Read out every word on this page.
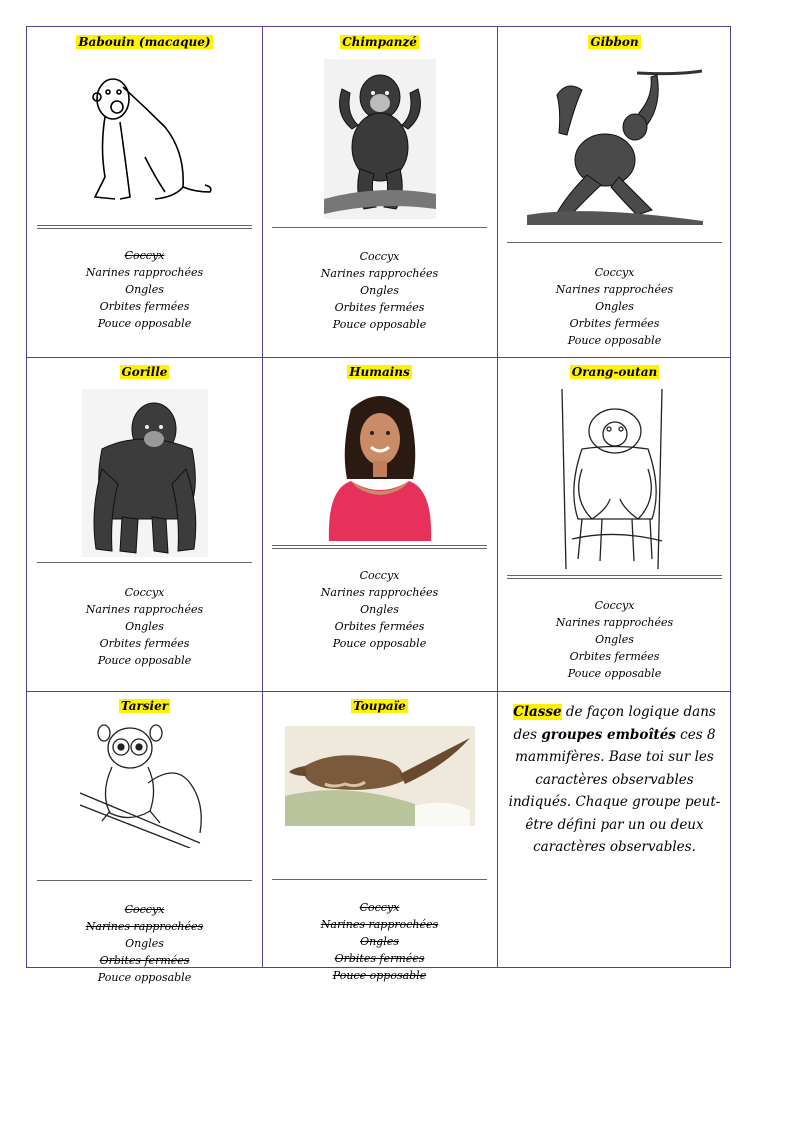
Babouin (macaque)
Coccyx
Narines rapprochées
Ongles
Orbites fermées
Pouce opposable
Chimpanzé
Coccyx
Narines rapprochées
Ongles
Orbites fermées
Pouce opposable
Gibbon
Coccyx
Narines rapprochées
Ongles
Orbites fermées
Pouce opposable
Gorille
Coccyx
Narines rapprochées
Ongles
Orbites fermées
Pouce opposable
Humains
Coccyx
Narines rapprochées
Ongles
Orbites fermées
Pouce opposable
Orang-outan
Coccyx
Narines rapprochées
Ongles
Orbites fermées
Pouce opposable
Tarsier
Coccyx
Narines rapprochées
Ongles
Orbites fermées
Pouce opposable
Toupaïe
Coccyx
Narines rapprochées
Ongles
Orbites fermées
Pouce opposable
Classe de façon logique dans des groupes emboîtés ces 8 mammifères. Base toi sur les caractères observables indiqués. Chaque groupe peut-être défini par un ou deux caractères observables.
